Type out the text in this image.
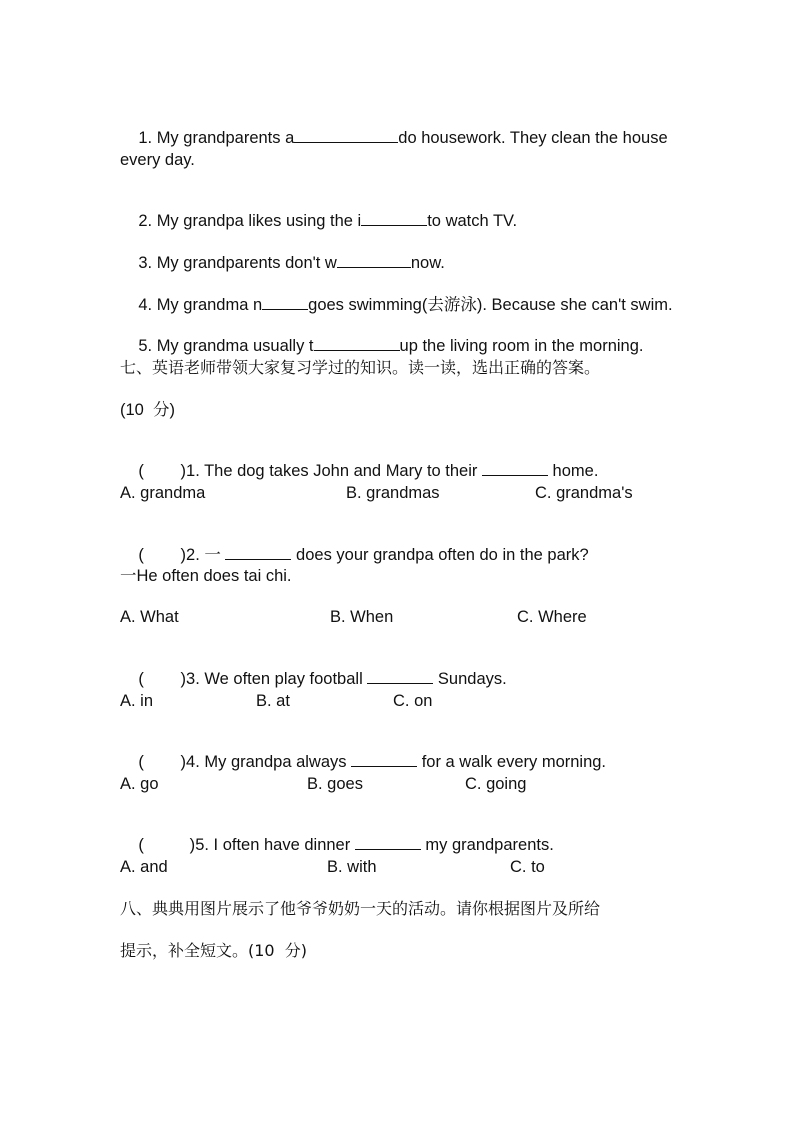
1. My grandparents a	do housework. They clean the house

every day.

2. My grandpa likes using the i	to watch TV.

3. My grandparents don't w	now.

4. My grandma n	goes swimming(去游泳). Because she can't swim.

5. My grandma usually t	up the living room in the morning.

七、英语老师带领大家复习学过的知识。读一读，选出正确的答案。
(10  分)

(        )1. The dog takes John and Mary to their	home.

A. grandma	B. grandmas	C. grandma's

(        )2. 一	does your grandpa often do in the park?

一He often does tai chi.
A. What	B. When	C. Where

(        )3. We often play football	Sundays.

A. in	B. at	C. on

(        )4. My grandpa always	for a walk every morning.

A. go	B. goes	C. going

(          )5. I often have dinner	my grandparents.

A. and	B. with	C. to
八、典典用图片展示了他爷爷奶奶一天的活动。请你根据图片及所给
提示，补全短文。(10  分)
